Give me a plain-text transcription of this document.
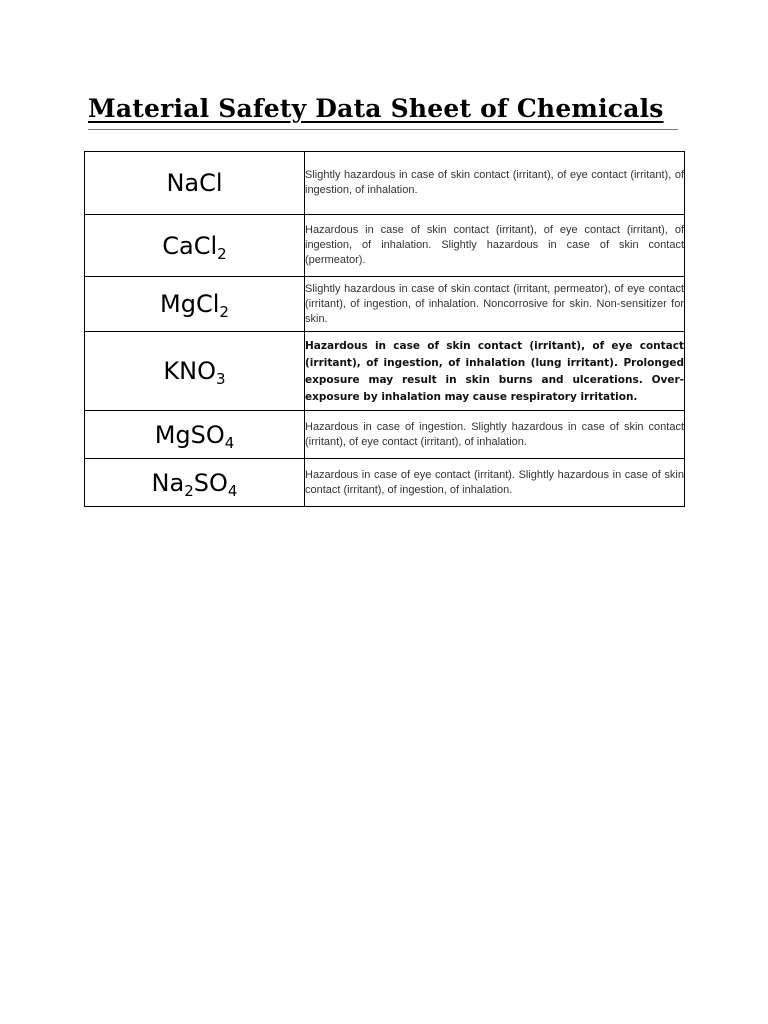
Material Safety Data Sheet of Chemicals
NaCl	Slightly hazardous in case of skin contact (irritant), of eye contact (irritant), of ingestion, of inhalation.
CaCl$_2$	Hazardous in case of skin contact (irritant), of eye contact (irritant), of ingestion, of inhalation. Slightly hazardous in case of skin contact (permeator).
MgCl$_2$	Slightly hazardous in case of skin contact (irritant, permeator), of eye contact (irritant), of ingestion, of inhalation. Noncorrosive for skin. Non-sensitizer for skin.
$KNO_3$	Hazardous in case of skin contact (irritant), of eye contact (irritant), of ingestion, of inhalation (lung irritant). Prolonged exposure may result in skin burns and ulcerations. Over-exposure by inhalation may cause respiratory irritation.
MgSO$_4$	Hazardous in case of ingestion. Slightly hazardous in case of skin contact (irritant), of eye contact (irritant), of inhalation.
$Na_2SO_4$	Hazardous in case of eye contact (irritant). Slightly hazardous in case of skin contact (irritant), of ingestion, of inhalation.
